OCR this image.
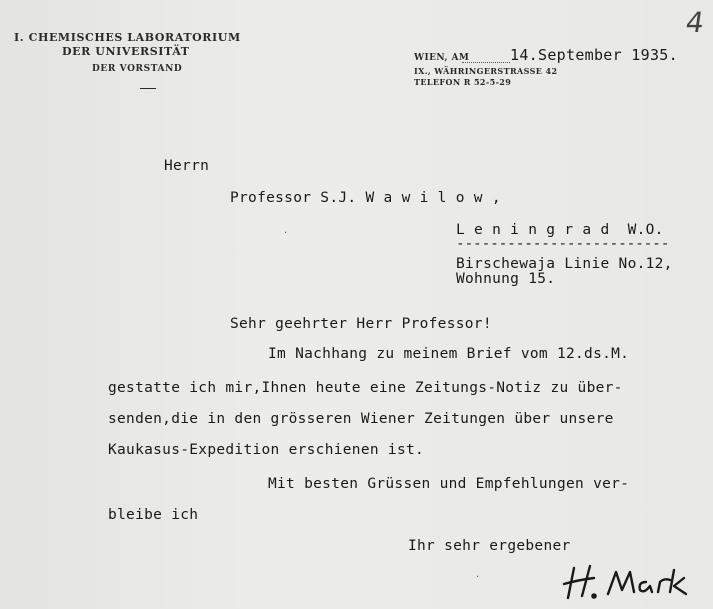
I. CHEMISCHES LABORATORIUM
DER UNIVERSITÄT
DER VORSTAND
WIEN, AM	14.September 1935.
IX., WÄHRINGERSTRASSE 42
TELEFON R 52-5-29
4
Herrn
Professor S.J. W a w i l o w ,
L e n i n g r a d  W.O.
-------------------------
Birschewaja Linie No.12,
Wohnung 15.
Sehr geehrter Herr Professor!
Im Nachhang zu meinem Brief vom 12.ds.M.
gestatte ich mir,Ihnen heute eine Zeitungs-Notiz zu über-
senden,die in den grösseren Wiener Zeitungen über unsere
Kaukasus-Expedition erschienen ist.
Mit besten Grüssen und Empfehlungen ver-
bleibe ich
Ihr sehr ergebener
·
·
